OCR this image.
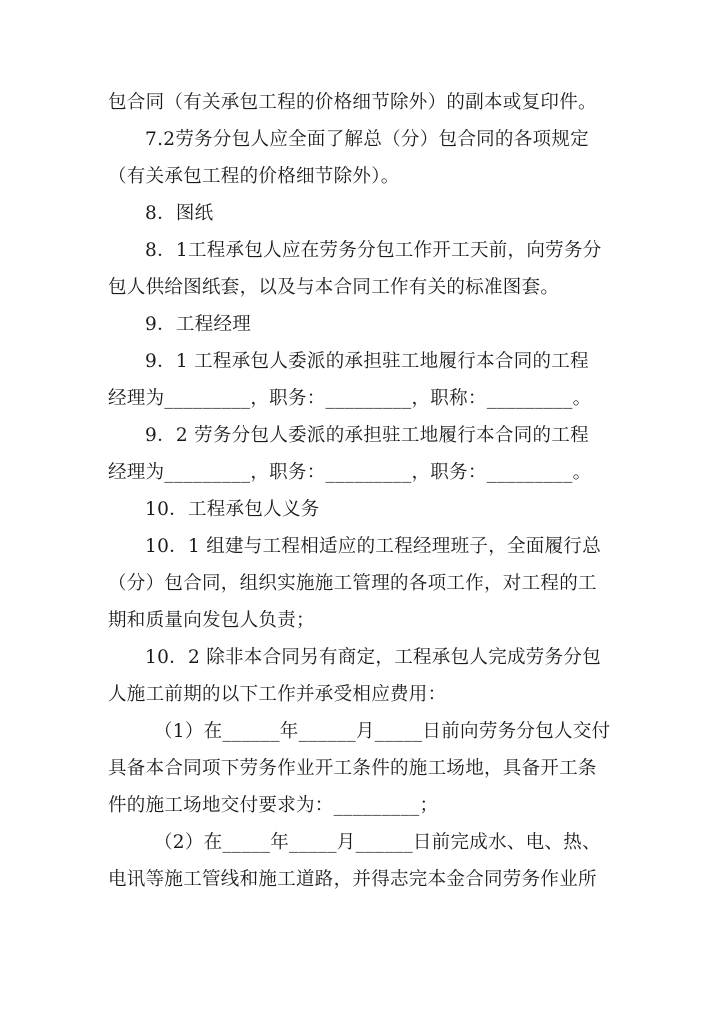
包合同（有关承包工程的价格细节除外）的副本或复印件。
7.2劳务分包人应全面了解总（分）包合同的各项规定
（有关承包工程的价格细节除外）。
8．图纸
8．1工程承包人应在劳务分包工作开工天前，向劳务分
包人供给图纸套，以及与本合同工作有关的标准图套。
9．工程经理
9．1 工程承包人委派的承担驻工地履行本合同的工程
经理为_________，职务：_________，职称：_________。
9．2 劳务分包人委派的承担驻工地履行本合同的工程
经理为_________，职务：_________，职务：_________。
10．工程承包人义务
10．1 组建与工程相适应的工程经理班子，全面履行总
（分）包合同，组织实施施工管理的各项工作，对工程的工
期和质量向发包人负责；
10．2 除非本合同另有商定，工程承包人完成劳务分包
人施工前期的以下工作并承受相应费用：
（1）在______年______月_____日前向劳务分包人交付
具备本合同项下劳务作业开工条件的施工场地，具备开工条
件的施工场地交付要求为：_________；
（2）在_____年_____月______日前完成水、电、热、
电讯等施工管线和施工道路，并得志完本金合同劳务作业所
